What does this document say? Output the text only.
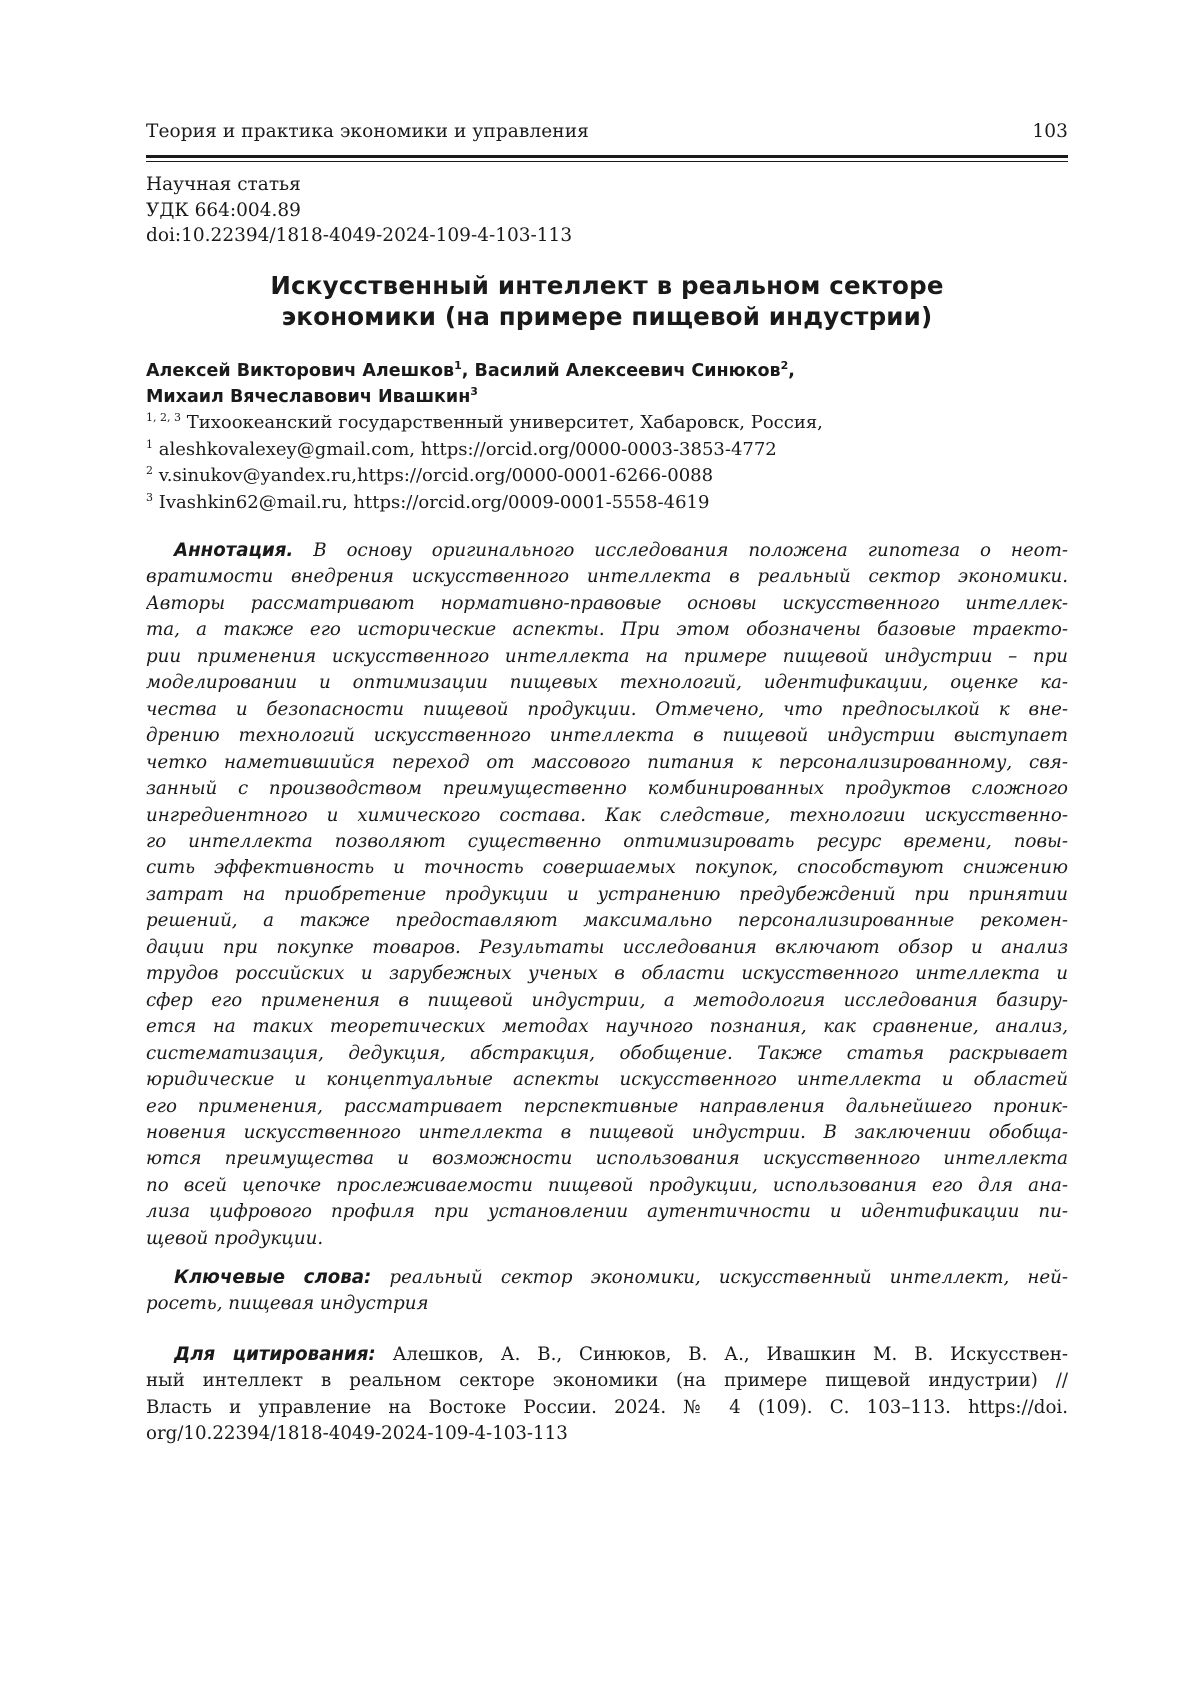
Теория и практика экономики и управления	103
Научная статья
УДК 664:004.89
doi:10.22394/1818-4049-2024-109-4-103-113
Искусственный интеллект в реальном секторе
экономики (на примере пищевой индустрии)
Алексей Викторович Алешков$^1$, Василий Алексеевич Синюков$^2$,
Михаил Вячеславович Ивашкин$^3$
$^{1, 2, 3}$ Тихоокеанский государственный университет, Хабаровск, Россия,
$^1$ aleshkovalexey@gmail.com, https://orcid.org/0000-0003-3853-4772
$^2$ v.sinukov@yandex.ru,https://orcid.org/0000-0001-6266-0088
$^3$ Ivashkin62@mail.ru, https://orcid.org/0009-0001-5558-4619
Аннотация. В основу оригинального исследования положена гипотеза о неот-
вратимости внедрения искусственного интеллекта в реальный сектор экономики.
Авторы рассматривают нормативно-правовые основы искусственного интеллек-
та, а также его исторические аспекты. При этом обозначены базовые траекто-
рии применения искусственного интеллекта на примере пищевой индустрии – при
моделировании и оптимизации пищевых технологий, идентификации, оценке ка-
чества и безопасности пищевой продукции. Отмечено, что предпосылкой к вне-
дрению технологий искусственного интеллекта в пищевой индустрии выступает
четко наметившийся переход от массового питания к персонализированному, свя-
занный с производством преимущественно комбинированных продуктов сложного
ингредиентного и химического состава. Как следствие, технологии искусственно-
го интеллекта позволяют существенно оптимизировать ресурс времени, повы-
сить эффективность и точность совершаемых покупок, способствуют снижению
затрат на приобретение продукции и устранению предубеждений при принятии
решений, а также предоставляют максимально персонализированные рекомен-
дации при покупке товаров. Результаты исследования включают обзор и анализ
трудов российских и зарубежных ученых в области искусственного интеллекта и
сфер его применения в пищевой индустрии, а методология исследования базиру-
ется на таких теоретических методах научного познания, как сравнение, анализ,
систематизация, дедукция, абстракция, обобщение. Также статья раскрывает
юридические и концептуальные аспекты искусственного интеллекта и областей
его применения, рассматривает перспективные направления дальнейшего проник-
новения искусственного интеллекта в пищевой индустрии. В заключении обобща-
ются преимущества и возможности использования искусственного интеллекта
по всей цепочке прослеживаемости пищевой продукции, использования его для ана-
лиза цифрового профиля при установлении аутентичности и идентификации пи-
щевой продукции.
Ключевые слова: реальный сектор экономики, искусственный интеллект, ней-
росеть, пищевая индустрия
Для цитирования: Алешков, А. В., Синюков, В. А., Ивашкин М. В. Искусствен-
ный интеллект в реальном секторе экономики (на примере пищевой индустрии) //
Власть и управление на Востоке России. 2024. № 4 (109). С. 103–113. https://doi.
org/10.22394/1818-4049-2024-109-4-103-113
